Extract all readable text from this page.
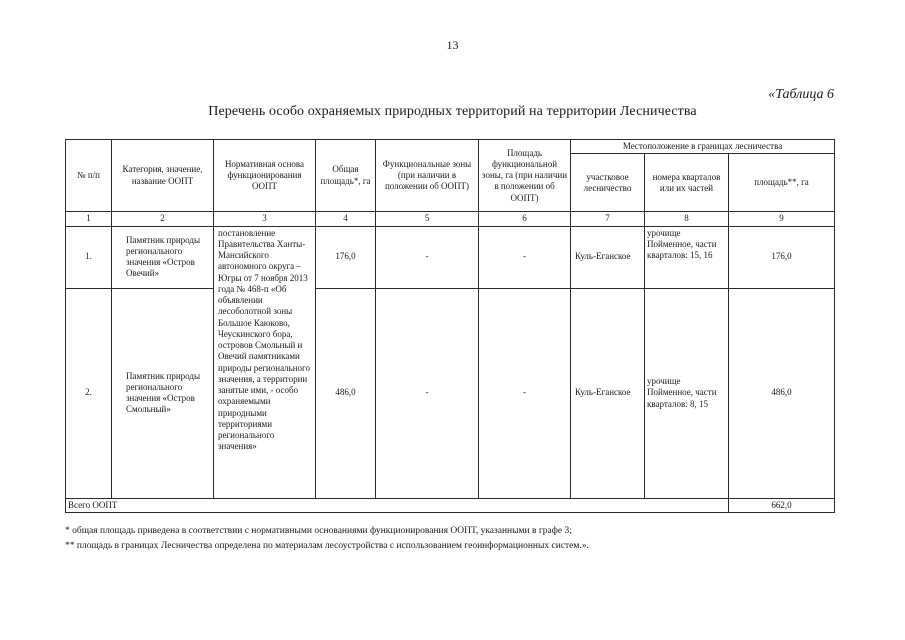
13
«Таблица 6
Перечень особо охраняемых природных территорий на территории Лесничества
№ п/п	Категория, значение, название ООПТ	Нормативная основа функционирования ООПТ	Общая площадь*, га	Функциональные зоны (при наличии в положении об ООПТ)	Площадь функциональной зоны, га (при наличии в положении об ООПТ)	Местоположение в границах лесничества		
						участковое лесничество	номера кварталов или их частей	площадь**, га
1	2	3	4	5	6	7	8	9
1.	Памятник природы регионального значения «Остров Овечий»	постановление Правительства Ханты-Мансийского автономного округа – Югры от 7 ноября 2013 года № 468-п «Об объявлении лесоболотной зоны Большое Каюково, Чеускинского бора, островов Смольный и Овечий памятниками природы регионального значения, а территории занятые ими, - особо охраняемыми природными территориями регионального значения»	176,0	-	-	Куль-Еганское	урочище Пойменное, части кварталов: 15, 16	176,0
2.	Памятник природы регионального значения «Остров Смольный»		486,0	-	-	Куль-Еганское	урочище Пойменное, части кварталов: 8, 15	486,0
Всего ООПТ								662,0
* общая площадь приведена в соответствии с нормативными основаниями функционирования ООПТ, указанными в графе 3;
** площадь в границах Лесничества определена по материалам лесоустройства с использованием геоинформационных систем.».
